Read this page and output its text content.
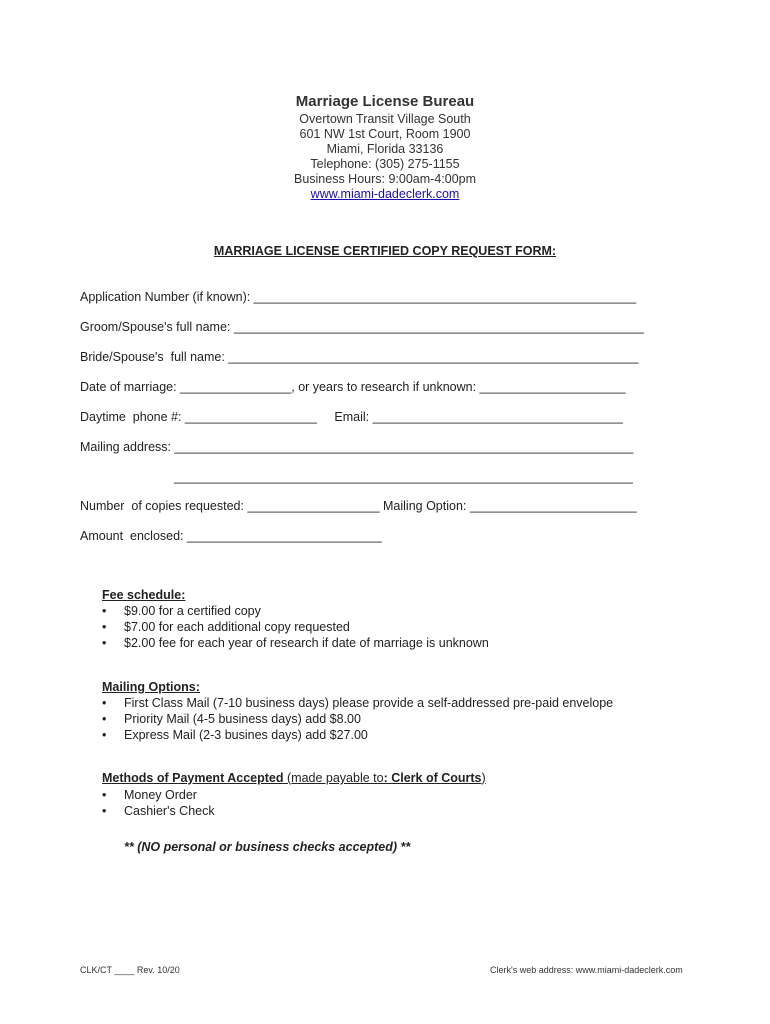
Marriage License Bureau
Overtown Transit Village South
601 NW 1st Court, Room 1900
Miami, Florida 33136
Telephone: (305) 275-1155
Business Hours: 9:00am-4:00pm
www.miami-dadeclerk.com
MARRIAGE LICENSE CERTIFIED COPY REQUEST FORM:
Application Number (if known): _______________________________________________________
Groom/Spouse's full name: ___________________________________________________________
Bride/Spouse's  full name: ___________________________________________________________
Date of marriage: ________________, or years to research if unknown: _____________________
Daytime  phone #: ___________________     Email: ____________________________________
Mailing address: __________________________________________________________________
__________________________________________________________________
Number  of copies requested: ___________________ Mailing Option: ________________________
Amount  enclosed: ____________________________
Fee schedule:
• $9.00 for a certified copy
• $7.00 for each additional copy requested
• $2.00 fee for each year of research if date of marriage is unknown
Mailing Options:
• First Class Mail (7-10 business days) please provide a self-addressed pre-paid envelope
• Priority Mail (4-5 business days) add $8.00
• Express Mail (2-3 busines days) add $27.00
Methods of Payment Accepted (made payable to: Clerk of Courts)
• Money Order
• Cashier's Check
** (NO personal or business checks accepted) **
CLK/CT ____ Rev. 10/20	Clerk's web address: www.miami-dadeclerk.com
